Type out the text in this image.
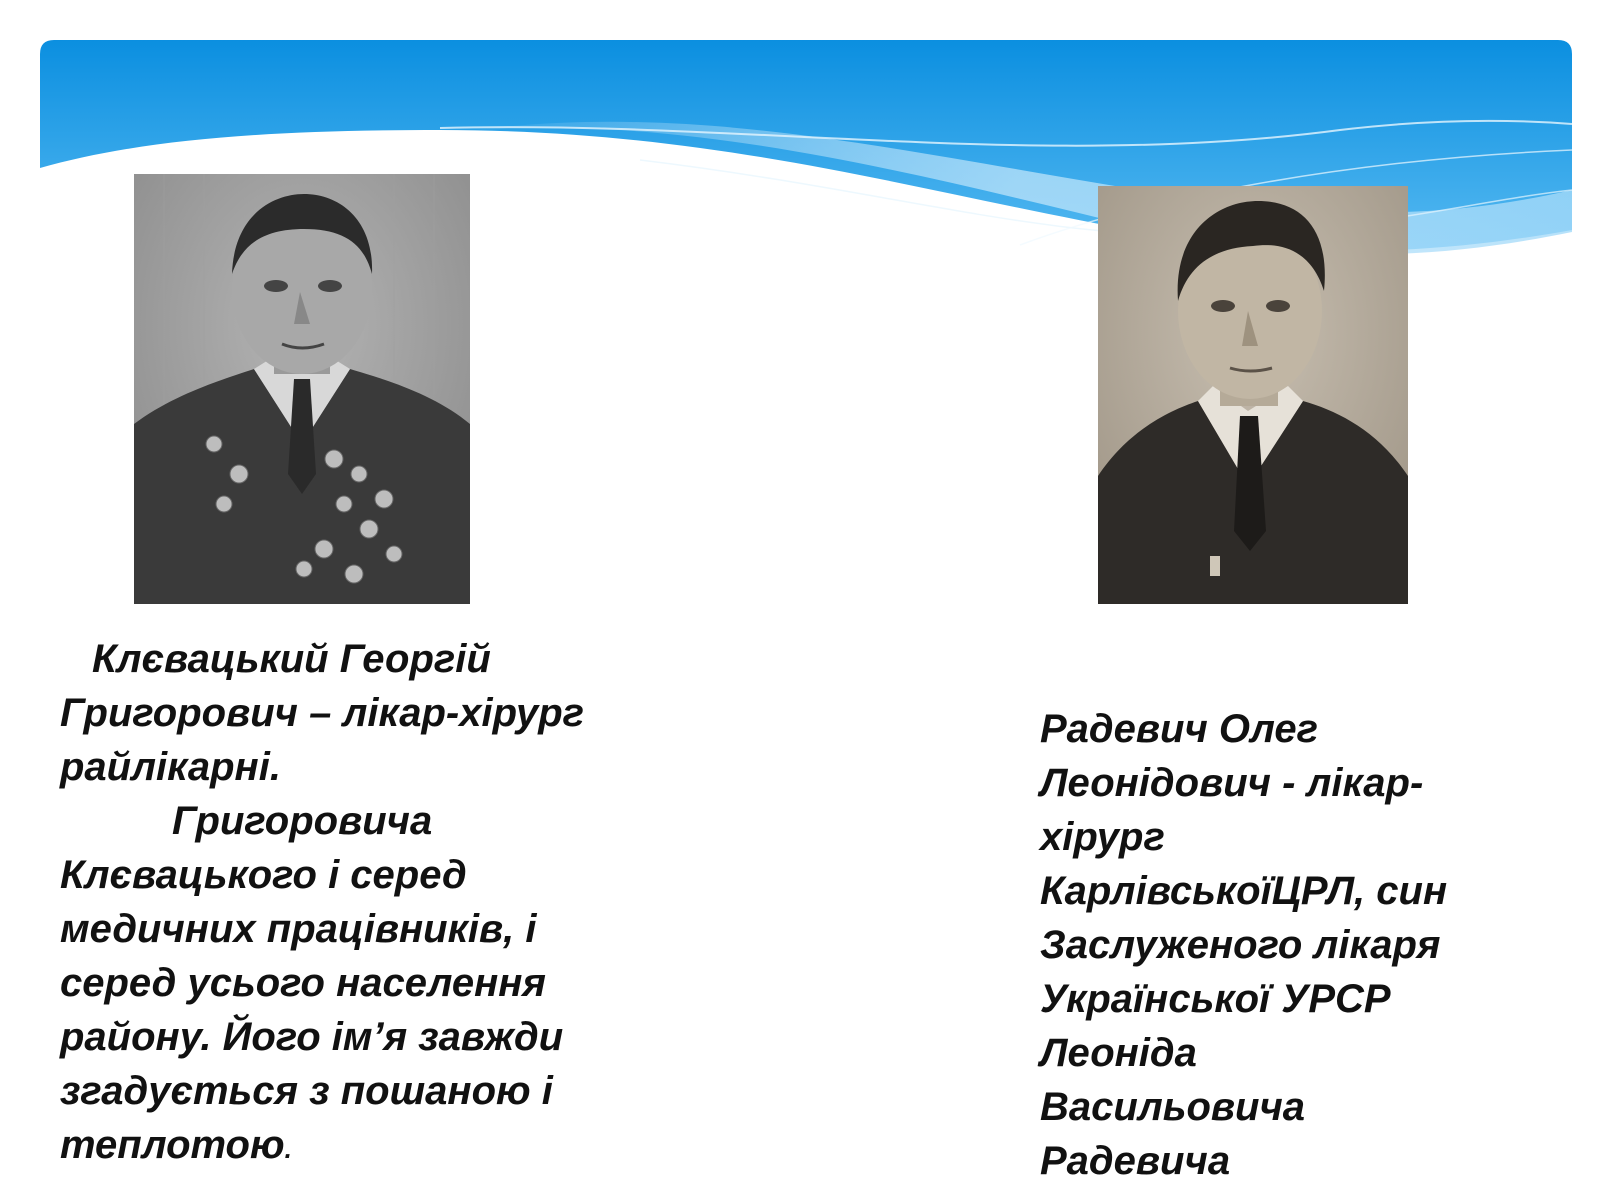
Клєвацький Георгій
Григорович – лікар-хірург
райлікарні.
Григоровича
Клєвацького і серед
медичних працівників, і
серед усього населення
району. Його ім’я завжди
згадується з пошаною і
теплотою.

Радевич Олег
Леонідович - лікар-
хірург
КарлівськоїЦРЛ, син
Заслуженого лікаря
Української УРСР
Леоніда
Васильовича
Радевича
